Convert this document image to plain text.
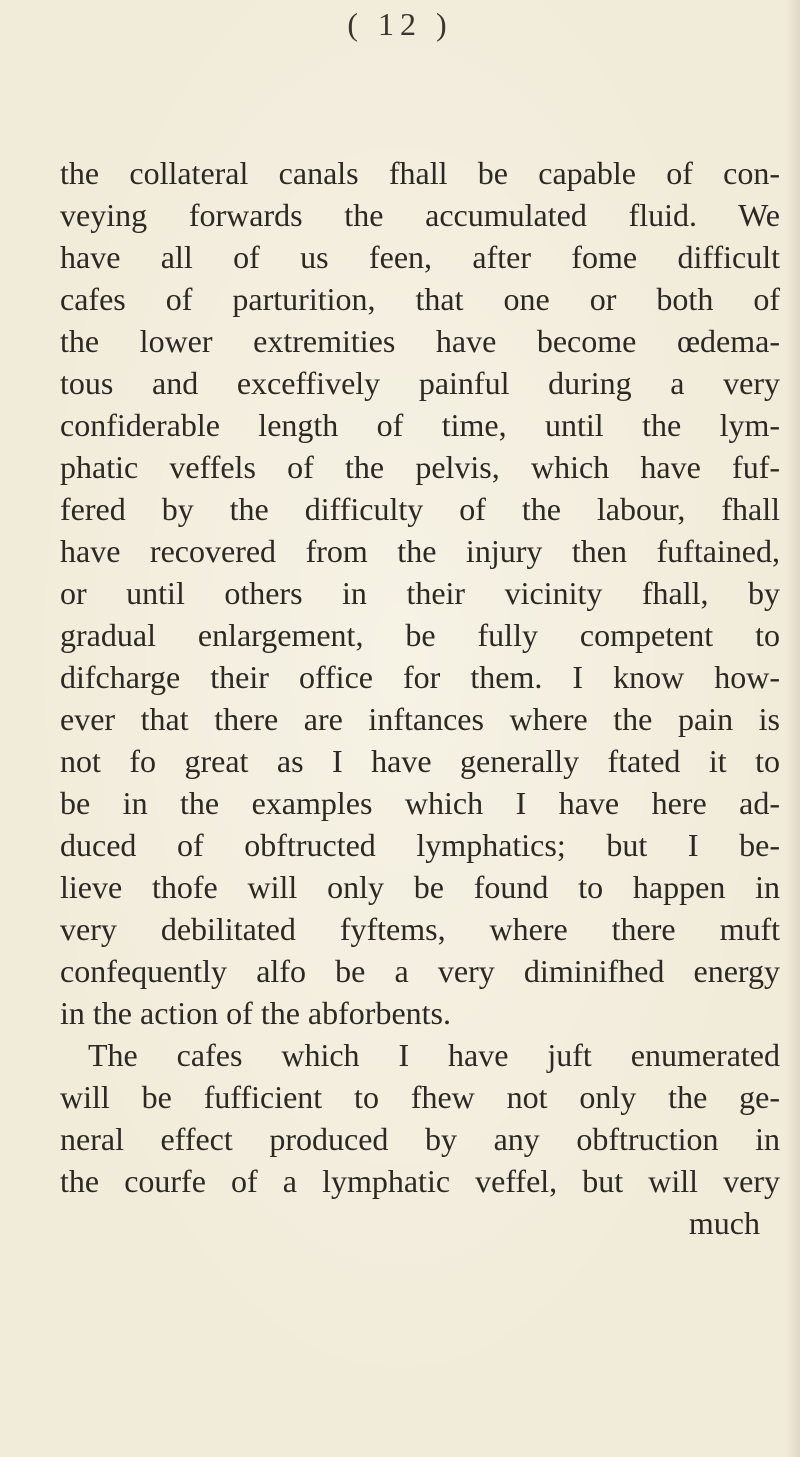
( 12 )
the collateral canals fhall be capable of con-
veying forwards the accumulated fluid. We
have all of us feen, after fome difficult
cafes of parturition, that one or both of
the lower extremities have become œdema-
tous and exceffively painful during a very
confiderable length of time, until the lym-
phatic veffels of the pelvis, which have fuf-
fered by the difficulty of the labour, fhall
have recovered from the injury then fuftained,
or until others in their vicinity fhall, by
gradual enlargement, be fully competent to
difcharge their office for them. I know how-
ever that there are inftances where the pain is
not fo great as I have generally ftated it to
be in the examples which I have here ad-
duced of obftructed lymphatics; but I be-
lieve thofe will only be found to happen in
very debilitated fyftems, where there muft
confequently alfo be a very diminifhed energy
in the action of the abforbents.
The cafes which I have juft enumerated
will be fufficient to fhew not only the ge-
neral effect produced by any obftruction in
the courfe of a lymphatic veffel, but will very
much
